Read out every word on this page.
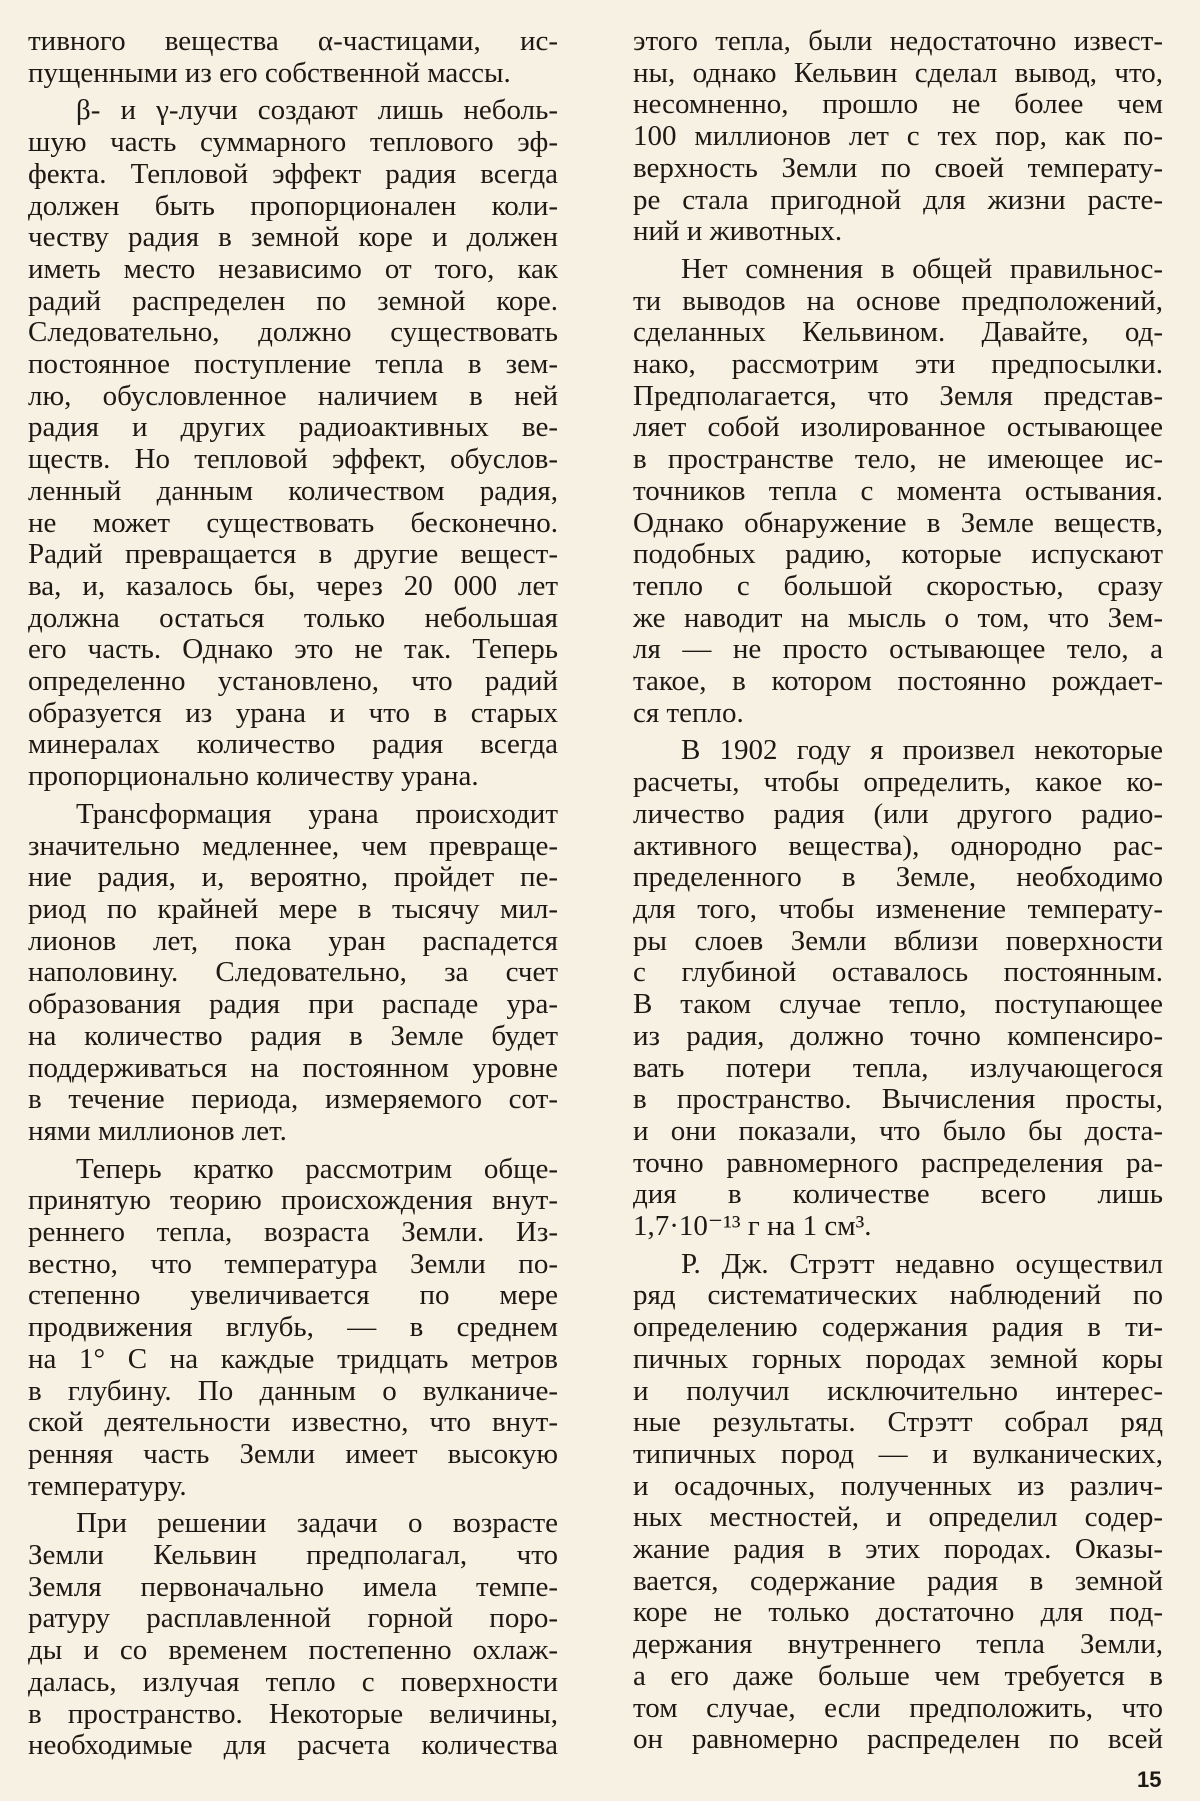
тивного вещества α-частицами, ис-
пущенными из его собственной массы.
β- и γ-лучи создают лишь неболь-
шую часть суммарного теплового эф-
фекта. Тепловой эффект радия всегда
должен быть пропорционален коли-
честву радия в земной коре и должен
иметь место независимо от того, как
радий распределен по земной коре.
Следовательно, должно существовать
постоянное поступление тепла в зем-
лю, обусловленное наличием в ней
радия и других радиоактивных ве-
ществ. Но тепловой эффект, обуслов-
ленный данным количеством радия,
не может существовать бесконечно.
Радий превращается в другие вещест-
ва, и, казалось бы, через 20 000 лет
должна остаться только небольшая
его часть. Однако это не так. Теперь
определенно установлено, что радий
образуется из урана и что в старых
минералах количество радия всегда
пропорционально количеству урана.
Трансформация урана происходит
значительно медленнее, чем превраще-
ние радия, и, вероятно, пройдет пе-
риод по крайней мере в тысячу мил-
лионов лет, пока уран распадется
наполовину. Следовательно, за счет
образования радия при распаде ура-
на количество радия в Земле будет
поддерживаться на постоянном уровне
в течение периода, измеряемого сот-
нями миллионов лет.
Теперь кратко рассмотрим обще-
принятую теорию происхождения внут-
реннего тепла, возраста Земли. Из-
вестно, что температура Земли по-
степенно увеличивается по мере
продвижения вглубь, — в среднем
на 1° С на каждые тридцать метров
в глубину. По данным о вулканиче-
ской деятельности известно, что внут-
ренняя часть Земли имеет высокую
температуру.
При решении задачи о возрасте
Земли Кельвин предполагал, что
Земля первоначально имела темпе-
ратуру расплавленной горной поро-
ды и со временем постепенно охлаж-
далась, излучая тепло с поверхности
в пространство. Некоторые величины,
необходимые для расчета количества
этого тепла, были недостаточно извест-
ны, однако Кельвин сделал вывод, что,
несомненно, прошло не более чем
100 миллионов лет с тех пор, как по-
верхность Земли по своей температу-
ре стала пригодной для жизни расте-
ний и животных.
Нет сомнения в общей правильнос-
ти выводов на основе предположений,
сделанных Кельвином. Давайте, од-
нако, рассмотрим эти предпосылки.
Предполагается, что Земля представ-
ляет собой изолированное остывающее
в пространстве тело, не имеющее ис-
точников тепла с момента остывания.
Однако обнаружение в Земле веществ,
подобных радию, которые испускают
тепло с большой скоростью, сразу
же наводит на мысль о том, что Зем-
ля — не просто остывающее тело, а
такое, в котором постоянно рождает-
ся тепло.
В 1902 году я произвел некоторые
расчеты, чтобы определить, какое ко-
личество радия (или другого радио-
активного вещества), однородно рас-
пределенного в Земле, необходимо
для того, чтобы изменение температу-
ры слоев Земли вблизи поверхности
с глубиной оставалось постоянным.
В таком случае тепло, поступающее
из радия, должно точно компенсиро-
вать потери тепла, излучающегося
в пространство. Вычисления просты,
и они показали, что было бы доста-
точно равномерного распределения ра-
дия в количестве всего лишь
1,7·10⁻¹³ г на 1 см³.
Р. Дж. Стрэтт недавно осуществил
ряд систематических наблюдений по
определению содержания радия в ти-
пичных горных породах земной коры
и получил исключительно интерес-
ные результаты. Стрэтт собрал ряд
типичных пород — и вулканических,
и осадочных, полученных из различ-
ных местностей, и определил содер-
жание радия в этих породах. Оказы-
вается, содержание радия в земной
коре не только достаточно для под-
держания внутреннего тепла Земли,
а его даже больше чем требуется в
том случае, если предположить, что
он равномерно распределен по всей
15
